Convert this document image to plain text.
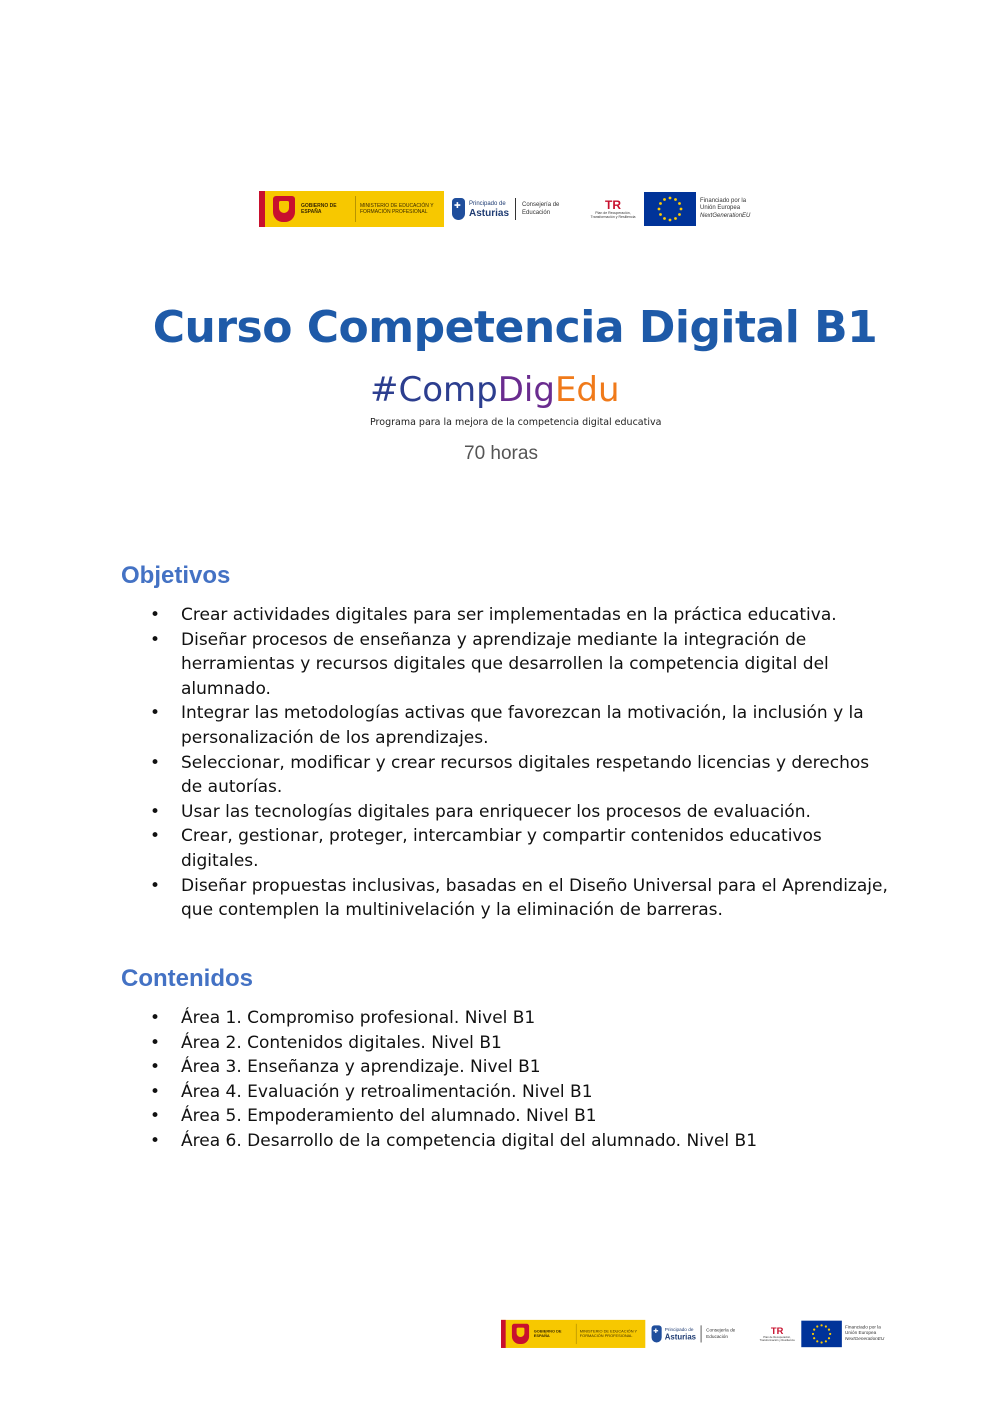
GOBIERNO DE ESPAÑA
MINISTERIO DE EDUCACIÓN Y FORMACIÓN PROFESIONAL
✚
Principado de
Asturias
Consejería de Educación
TR
Plan de Recuperación, Transformación y Resiliencia
Financiado por la
Unión Europea
NextGenerationEU
Curso Competencia Digital B1
#CompDigEdu
Programa para la mejora de la competencia digital educativa
70 horas
Objetivos
• Crear actividades digitales para ser implementadas en la práctica educativa.
• Diseñar procesos de enseñanza y aprendizaje mediante la integración de herramientas y recursos digitales que desarrollen la competencia digital del alumnado.
• Integrar las metodologías activas que favorezcan la motivación, la inclusión y la personalización de los aprendizajes.
• Seleccionar, modificar y crear recursos digitales respetando licencias y derechos de autorías.
• Usar las tecnologías digitales para enriquecer los procesos de evaluación.
• Crear, gestionar, proteger, intercambiar y compartir contenidos educativos digitales.
• Diseñar propuestas inclusivas, basadas en el Diseño Universal para el Aprendizaje, que contemplen la multinivelación y la eliminación de barreras.
Contenidos
• Área 1. Compromiso profesional. Nivel B1
• Área 2. Contenidos digitales. Nivel B1
• Área 3. Enseñanza y aprendizaje. Nivel B1
• Área 4. Evaluación y retroalimentación. Nivel B1
• Área 5. Empoderamiento del alumnado. Nivel B1
• Área 6. Desarrollo de la competencia digital del alumnado. Nivel B1
GOBIERNO DE ESPAÑA
MINISTERIO DE EDUCACIÓN Y FORMACIÓN PROFESIONAL
✚
Principado de
Asturias
Consejería de Educación
TR
Plan de Recuperación, Transformación y Resiliencia
Financiado por la
Unión Europea
NextGenerationEU
